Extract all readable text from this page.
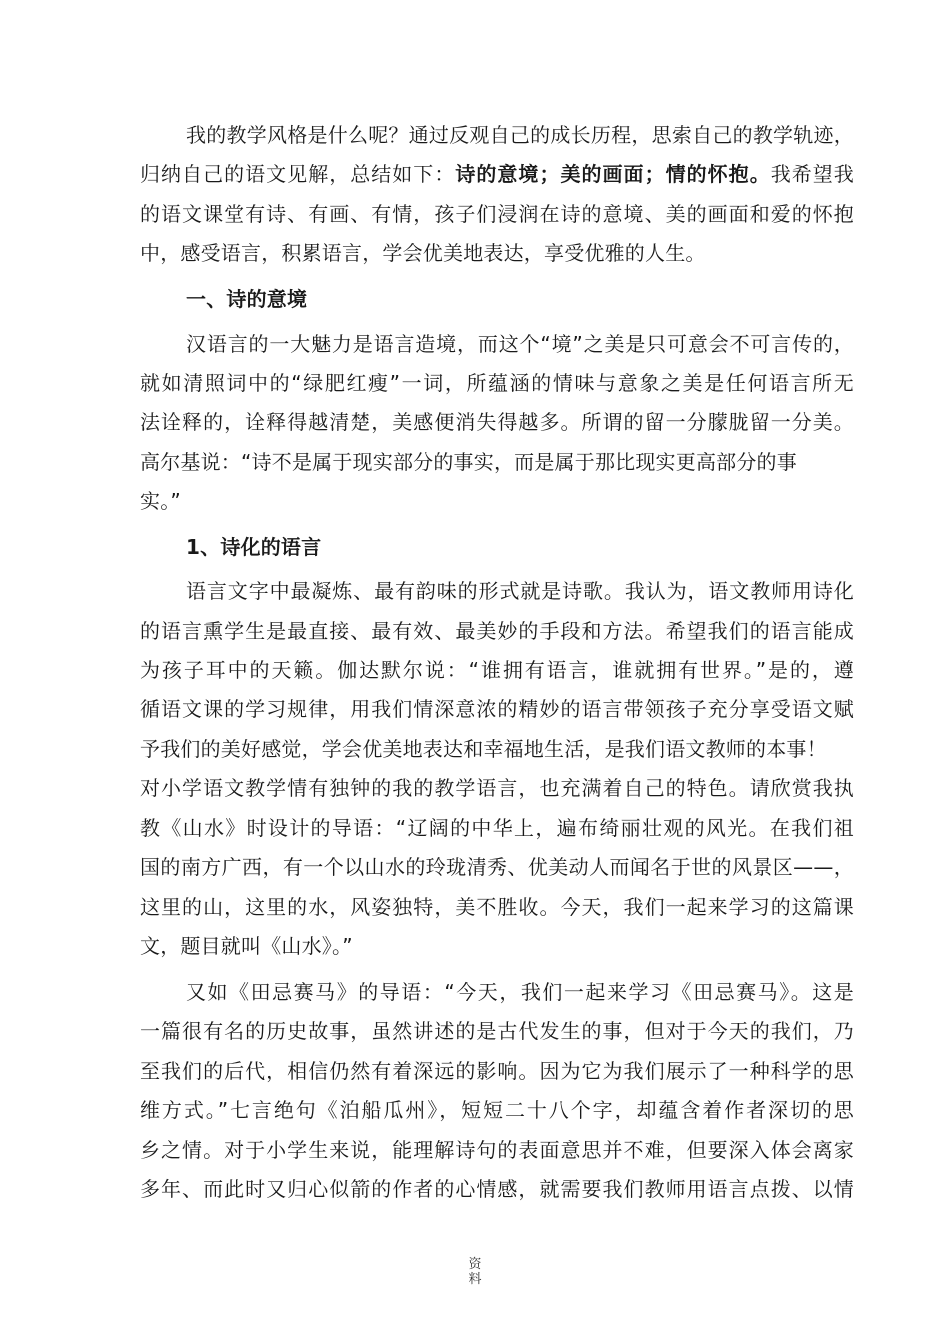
我的教学风格是什么呢？通过反观自己的成长历程，思索自己的教学轨迹，
归纳自己的语文见解，总结如下：诗的意境；美的画面；情的怀抱。我希望我
的语文课堂有诗、有画、有情，孩子们浸润在诗的意境、美的画面和爱的怀抱
中，感受语言，积累语言，学会优美地表达，享受优雅的人生。
一、诗的意境
汉语言的一大魅力是语言造境，而这个“境”之美是只可意会不可言传的，
就如清照词中的“绿肥红瘦”一词，所蕴涵的情味与意象之美是任何语言所无
法诠释的，诠释得越清楚，美感便消失得越多。所谓的留一分朦胧留一分美。
高尔基说：“诗不是属于现实部分的事实，而是属于那比现实更高部分的事
实。”
1、诗化的语言
语言文字中最凝炼、最有韵味的形式就是诗歌。我认为，语文教师用诗化
的语言熏学生是最直接、最有效、最美妙的手段和方法。希望我们的语言能成
为孩子耳中的天籁。伽达默尔说：“谁拥有语言，谁就拥有世界。”是的，遵
循语文课的学习规律，用我们情深意浓的精妙的语言带领孩子充分享受语文赋
予我们的美好感觉，学会优美地表达和幸福地生活，是我们语文教师的本事！
对小学语文教学情有独钟的我的教学语言，也充满着自己的特色。请欣赏我执
教《山水》时设计的导语：“辽阔的中华上，遍布绮丽壮观的风光。在我们祖
国的南方广西，有一个以山水的玲珑清秀、优美动人而闻名于世的风景区——，
这里的山，这里的水，风姿独特，美不胜收。今天，我们一起来学习的这篇课
文，题目就叫《山水》。”
又如《田忌赛马》的导语：“今天，我们一起来学习《田忌赛马》。这是
一篇很有名的历史故事，虽然讲述的是古代发生的事，但对于今天的我们，乃
至我们的后代，相信仍然有着深远的影响。因为它为我们展示了一种科学的思
维方式。”七言绝句《泊船瓜州》，短短二十八个字，却蕴含着作者深切的思
乡之情。对于小学生来说，能理解诗句的表面意思并不难，但要深入体会离家
多年、而此时又归心似箭的作者的心情感，就需要我们教师用语言点拨、以情
资
料
